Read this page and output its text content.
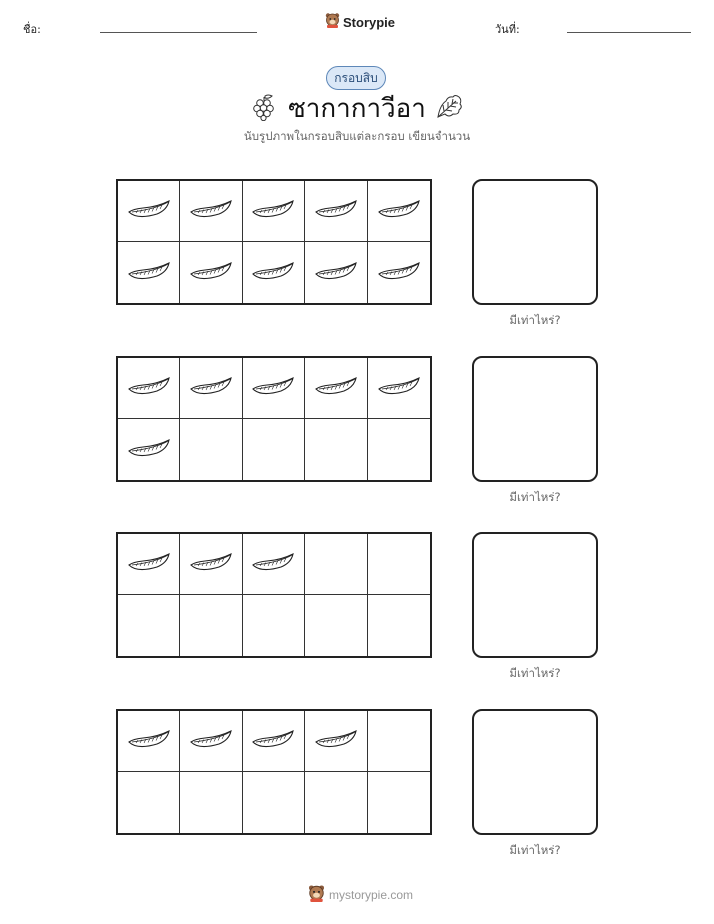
ชื่อ:	Storypie	วันที่:
กรอบสิบ
ซากากาวีอา
นับรูปภาพในกรอบสิบแต่ละกรอบ เขียนจำนวน
มีเท่าไหร่?
มีเท่าไหร่?
มีเท่าไหร่?
มีเท่าไหร่?
mystorypie.com
